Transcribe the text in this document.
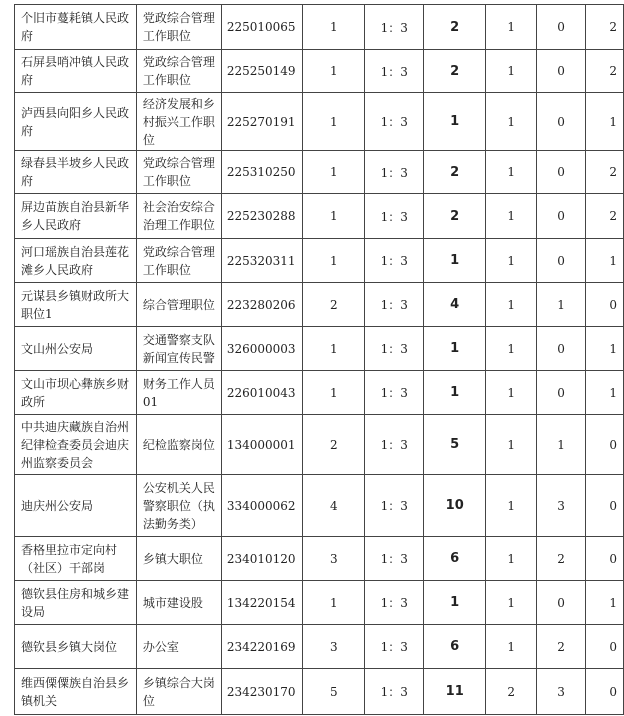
个旧市蔓耗镇人民政府	党政综合管理工作职位	225010065	1	1：3	2	1	0	2
石屏县哨冲镇人民政府	党政综合管理工作职位	225250149	1	1：3	2	1	0	2
泸西县向阳乡人民政府	经济发展和乡村振兴工作职位	225270191	1	1：3	1	1	0	1
绿春县半坡乡人民政府	党政综合管理工作职位	225310250	1	1：3	2	1	0	2
屏边苗族自治县新华乡人民政府	社会治安综合治理工作职位	225230288	1	1：3	2	1	0	2
河口瑶族自治县莲花滩乡人民政府	党政综合管理工作职位	225320311	1	1：3	1	1	0	1
元谋县乡镇财政所大职位1	综合管理职位	223280206	2	1：3	4	1	1	0
文山州公安局	交通警察支队新闻宣传民警	326000003	1	1：3	1	1	0	1
文山市坝心彝族乡财政所	财务工作人员01	226010043	1	1：3	1	1	0	1
中共迪庆藏族自治州纪律检查委员会迪庆州监察委员会	纪检监察岗位	134000001	2	1：3	5	1	1	0
迪庆州公安局	公安机关人民警察职位（执法勤务类）	334000062	4	1：3	10	1	3	0
香格里拉市定向村（社区）干部岗	乡镇大职位	234010120	3	1：3	6	1	2	0
德钦县住房和城乡建设局	城市建设股	134220154	1	1：3	1	1	0	1
德钦县乡镇大岗位	办公室	234220169	3	1：3	6	1	2	0
维西傈僳族自治县乡镇机关	乡镇综合大岗位	234230170	5	1：3	11	2	3	0
